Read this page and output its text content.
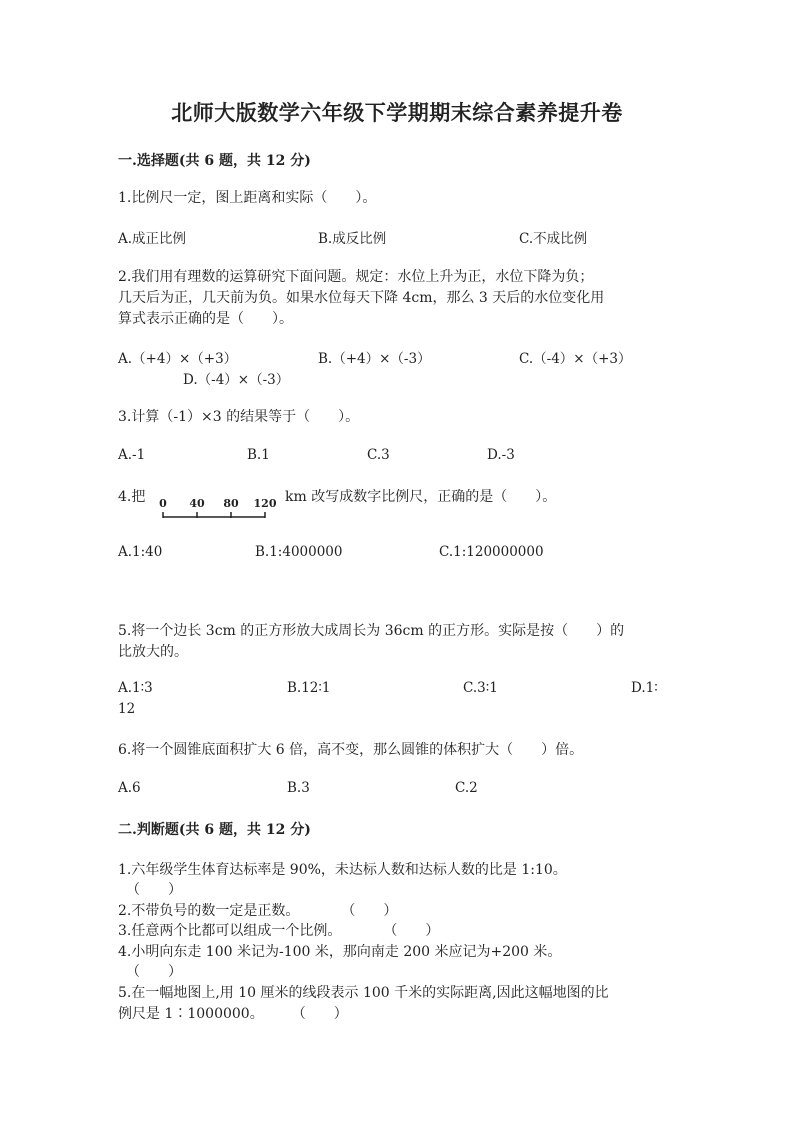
北师大版数学六年级下学期期末综合素养提升卷
一.选择题(共 6 题，共 12 分)
1.比例尺一定，图上距离和实际（　　）。
A.成正比例	B.成反比例	C.不成比例
2.我们用有理数的运算研究下面问题。规定：水位上升为正，水位下降为负；
几天后为正，几天前为负。如果水位每天下降 4cm，那么 3 天后的水位变化用
算式表示正确的是（　　）。
A.（+4）×（+3）	B.（+4）×（-3）	C.（-4）×（+3）
D.（-4）×（-3）
3.计算（-1）×3 的结果等于（　　）。
A.-1	B.1	C.3	D.-3
4.把 0 40 80 120 km 改写成数字比例尺，正确的是（　　）。
A.1:40	B.1:4000000	C.1:120000000
5.将一个边长 3cm 的正方形放大成周长为 36cm 的正方形。实际是按（　　）的
比放大的。
A.1∶3	B.12∶1	C.3∶1	D.1∶
12
6.将一个圆锥底面积扩大 6 倍，高不变，那么圆锥的体积扩大（　　）倍。
A.6	B.3	C.2
二.判断题(共 6 题，共 12 分)
1.六年级学生体育达标率是 90%，未达标人数和达标人数的比是 1:10。
（　　）
2.不带负号的数一定是正数。　　　　（　　）
3.任意两个比都可以组成一个比例。　　　　（　　）
4.小明向东走 100 米记为-100 米，那向南走 200 米应记为+200 米。
（　　）
5.在一幅地图上,用 10 厘米的线段表示 100 千米的实际距离,因此这幅地图的比
例尺是 1∶1000000。　　　（　　）
